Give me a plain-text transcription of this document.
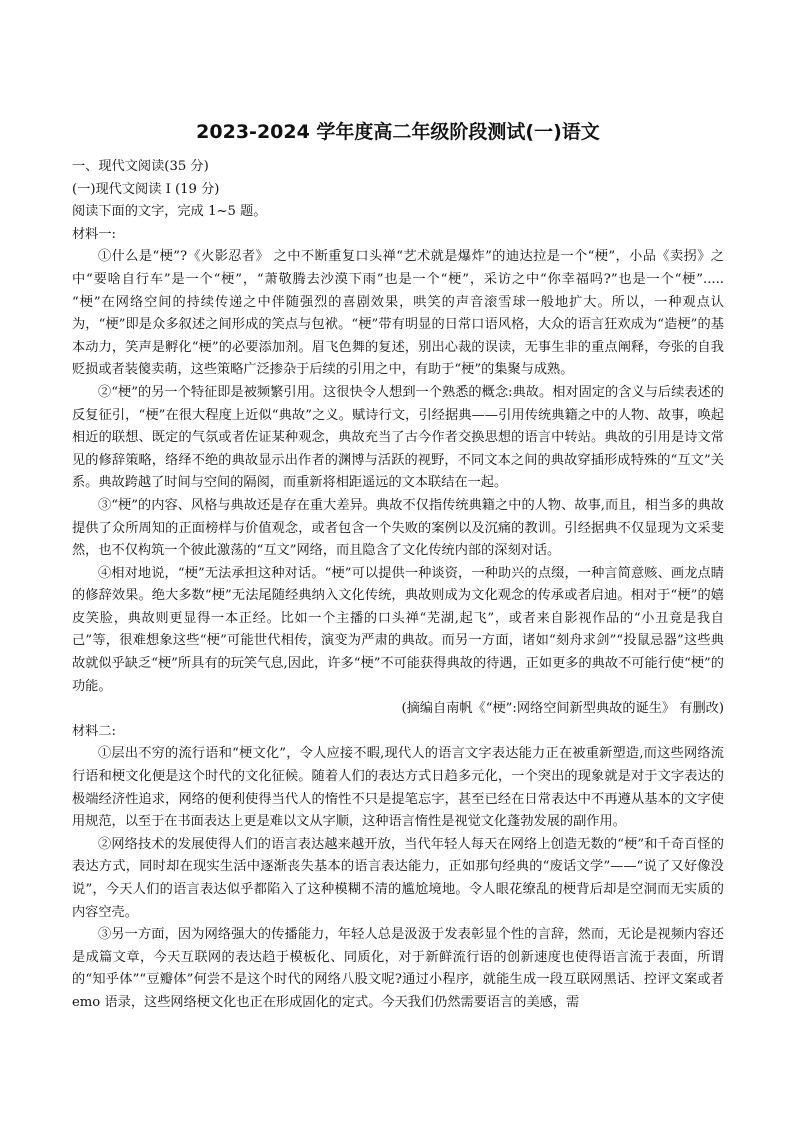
2023-2024 学年度高二年级阶段测试(一)语文

一、现代文阅读(35 分)

(一)现代文阅读 I (19 分)

阅读下面的文字，完成 1~5 题。

材料一:

①什么是“梗”?《火影忍者》 之中不断重复口头禅“艺术就是爆炸”的迪达拉是一个“梗”，小品《卖拐》之中“要啥自行车”是一个“梗”，“萧敬腾去沙漠下雨”也是一个“梗”，采访之中“你幸福吗?”也是一个“梗”..... “梗”在网络空间的持续传递之中伴随强烈的喜剧效果，哄笑的声音滚雪球一般地扩大。所以，一种观点认为，“梗”即是众多叙述之间形成的笑点与包袱。“梗”带有明显的日常口语风格，大众的语言狂欢成为“造梗”的基本动力，笑声是孵化“梗”的必要添加剂。眉飞色舞的复述，别出心裁的误读，无事生非的重点阐释，夸张的自我贬损或者装傻卖萌，这些策略广泛掺杂于后续的引用之中，有助于“梗”的集聚与成熟。

②“梗”的另一个特征即是被频繁引用。这很快令人想到一个熟悉的概念:典故。相对固定的含义与后续表述的反复征引，“梗”在很大程度上近似“典故”之义。赋诗行文，引经据典——引用传统典籍之中的人物、故事，唤起相近的联想、既定的气氛或者佐证某种观念，典故充当了古今作者交换思想的语言中转站。典故的引用是诗文常见的修辞策略，络绎不绝的典故显示出作者的渊博与活跃的视野，不同文本之间的典故穿插形成特殊的“互文”关系。典故跨越了时间与空间的隔阂，而重新将相距遥远的文本联结在一起。

③“梗”的内容、风格与典故还是存在重大差异。典故不仅指传统典籍之中的人物、故事,而且，相当多的典故提供了众所周知的正面榜样与价值观念，或者包含一个失败的案例以及沉痛的教训。引经据典不仅显现为文采斐然，也不仅构筑一个彼此激荡的“互文”网络，而且隐含了文化传统内部的深刻对话。

④相对地说，“梗”无法承担这种对话。“梗”可以提供一种谈资，一种助兴的点缀，一种言简意赅、画龙点睛的修辞效果。绝大多数“梗”无法尾随经典纳入文化传统，典故则成为文化观念的传承或者启迪。相对于“梗”的嬉皮笑脸，典故则更显得一本正经。比如一个主播的口头禅“芜湖,起飞”，或者来自影视作品的“小丑竟是我自己”等，很难想象这些“梗”可能世代相传，演变为严肃的典故。而另一方面，诸如“刻舟求剑”“投鼠忌器”这些典故就似乎缺乏“梗”所具有的玩笑气息,因此，许多“梗”不可能获得典故的待遇，正如更多的典故不可能行使“梗”的功能。

(摘编自南帆《“梗”:网络空间新型典故的诞生》 有删改)

材料二:

①层出不穷的流行语和“梗文化”，令人应接不暇,现代人的语言文字表达能力正在被重新塑造,而这些网络流行语和梗文化便是这个时代的文化征候。随着人们的表达方式日趋多元化，一个突出的现象就是对于文字表达的极端经济性追求，网络的便利使得当代人的惰性不只是提笔忘字，甚至已经在日常表达中不再遵从基本的文字使用规范，以至于在书面表达上更是难以文从字顺，这种语言惰性是视觉文化蓬勃发展的副作用。

②网络技术的发展使得人们的语言表达越来越开放，当代年轻人每天在网络上创造无数的“梗”和千奇百怪的表达方式，同时却在现实生活中逐渐丧失基本的语言表达能力，正如那句经典的“废话文学”——“说了又好像没说”，今天人们的语言表达似乎都陷入了这种模糊不清的尴尬境地。令人眼花缭乱的梗背后却是空洞而无实质的内容空壳。

③另一方面，因为网络强大的传播能力，年轻人总是汲汲于发表彰显个性的言辞，然而，无论是视频内容还是成篇文章，今天互联网的表达趋于模板化、同质化，对于新鲜流行语的创新速度也使得语言流于表面，所谓的“知乎体”“豆瓣体”何尝不是这个时代的网络八股文呢?通过小程序，就能生成一段互联网黑话、控评文案或者 emo 语录，这些网络梗文化也正在形成固化的定式。今天我们仍然需要语言的美感，需
